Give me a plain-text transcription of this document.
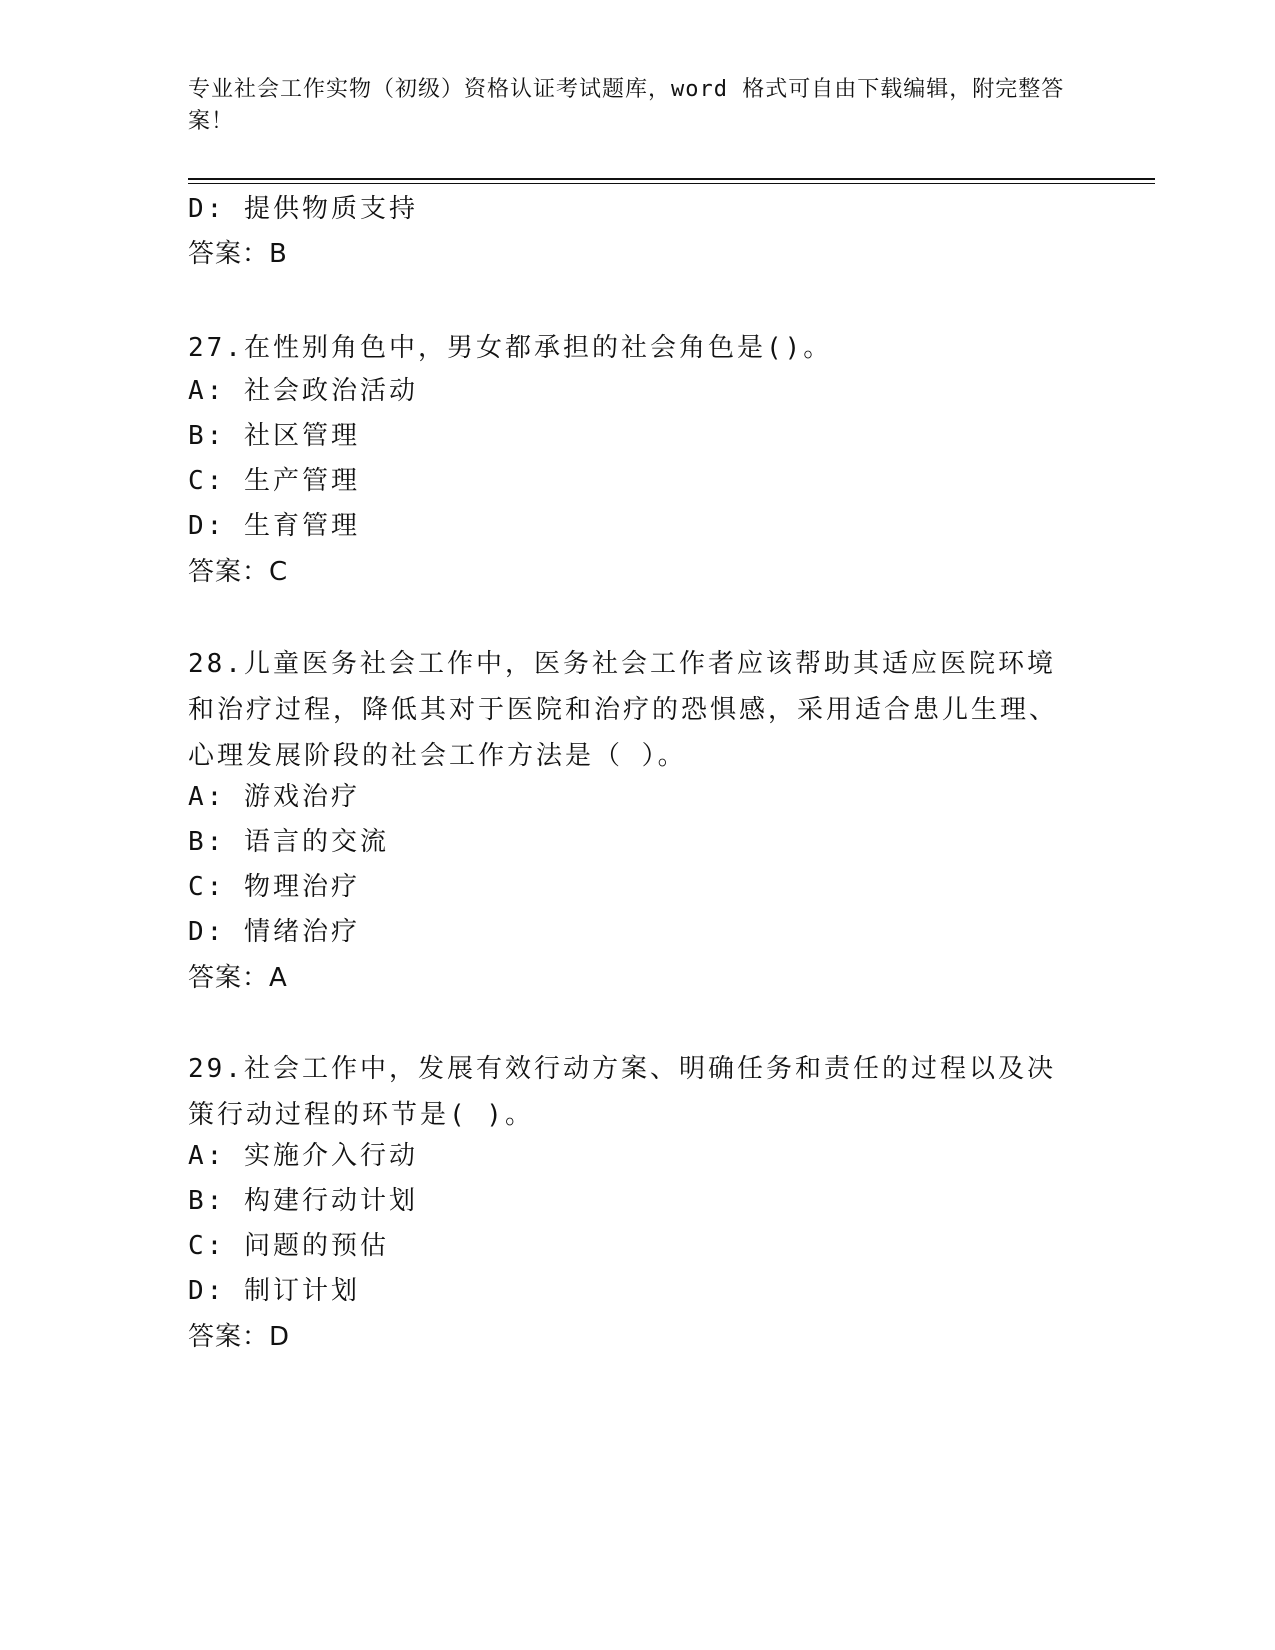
专业社会工作实物（初级）资格认证考试题库，word 格式可自由下载编辑，附完整答案！
D: 提供物质支持
答案：B
27.在性别角色中，男女都承担的社会角色是()。
A: 社会政治活动
B: 社区管理
C: 生产管理
D: 生育管理
答案：C
28.儿童医务社会工作中，医务社会工作者应该帮助其适应医院环境和治疗过程，降低其对于医院和治疗的恐惧感，采用适合患儿生理、心理发展阶段的社会工作方法是（ ）。
A: 游戏治疗
B: 语言的交流
C: 物理治疗
D: 情绪治疗
答案：A
29.社会工作中，发展有效行动方案、明确任务和责任的过程以及决策行动过程的环节是( )。
A: 实施介入行动
B: 构建行动计划
C: 问题的预估
D: 制订计划
答案：D
